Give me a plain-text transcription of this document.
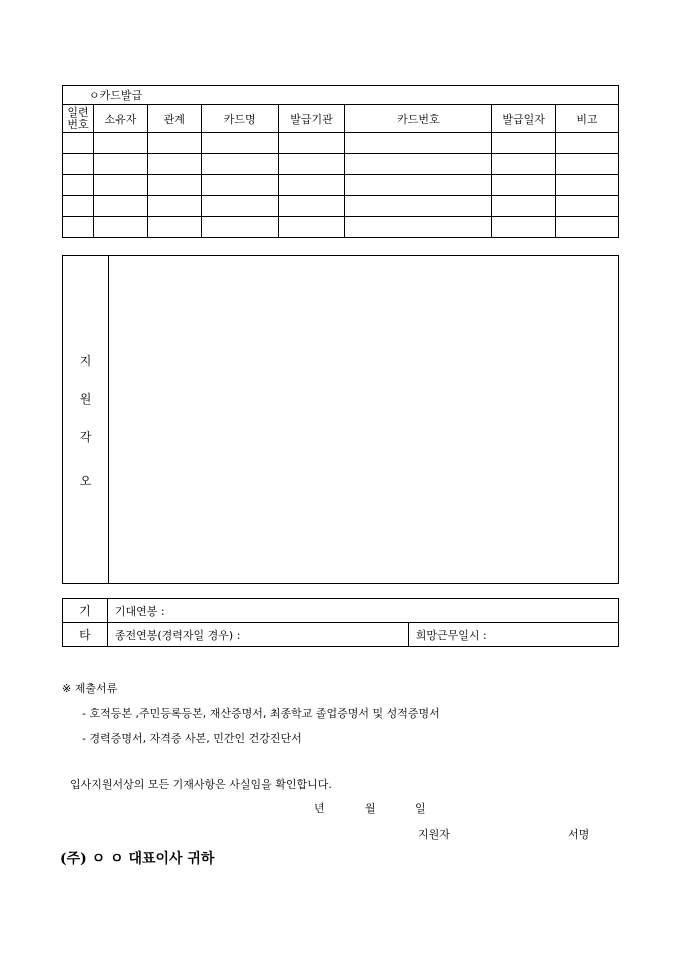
ㅇ카드발급							
일련
번호	소유자	관계	카드명	발급기관	카드번호	발급일자	비고

지
원
각
오
기	기대연봉 :	
타	종전연봉(경력자일 경우) :	희망근무일시 :
※ 제출서류
- 호적등본 ,주민등록등본, 재산증명서, 최종학교 졸업증명서 및 성적증명서
- 경력증명서, 자격증 사본, 민간인 건강진단서
입사지원서상의 모든 기재사항은 사실임을 확인합니다.
년	월	일
지원자	서명
(주) ㅇ ㅇ 대표이사 귀하
